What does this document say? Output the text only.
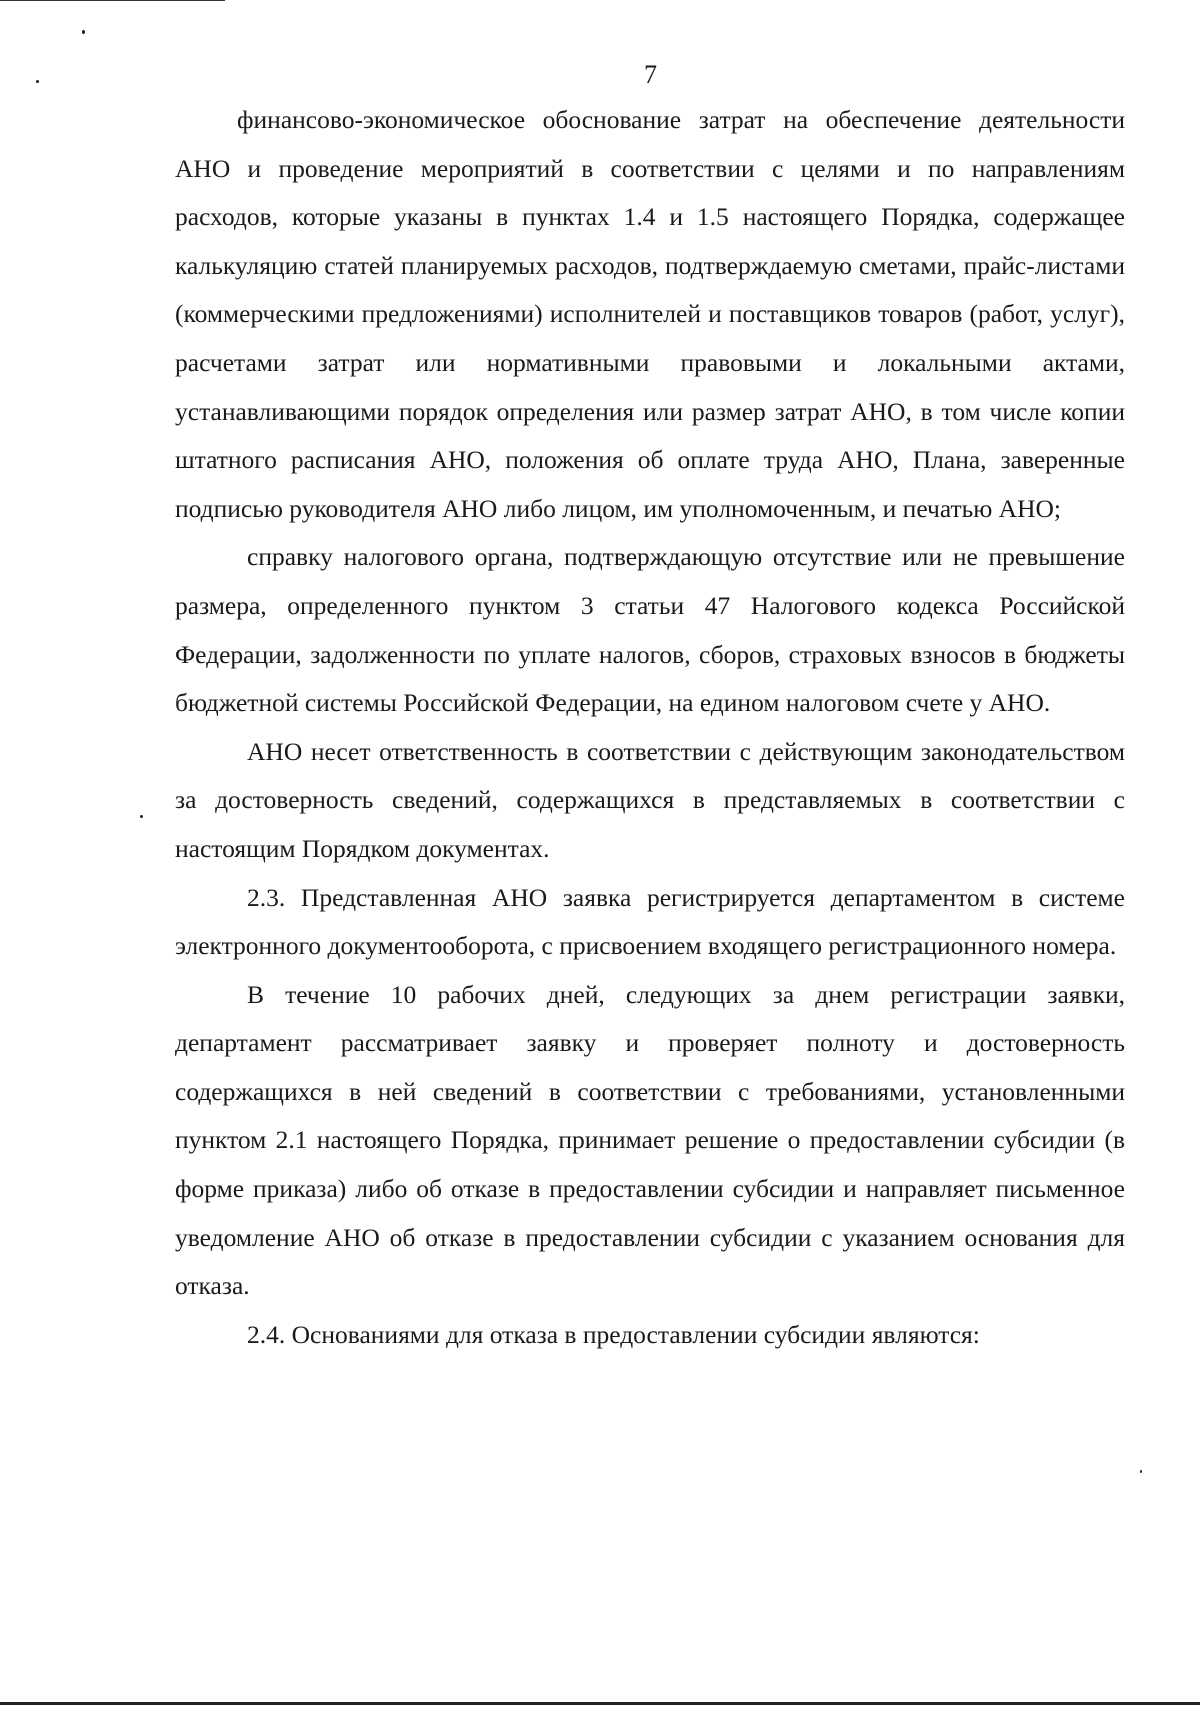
7

финансово-экономическое обоснование затрат на обеспечение деятельности АНО и проведение мероприятий в соответствии с целями и по направлениям расходов, которые указаны в пунктах 1.4 и 1.5 настоящего Порядка, содержащее калькуляцию статей планируемых расходов, подтверждаемую сметами, прайс-листами (коммерческими предложениями) исполнителей и поставщиков товаров (работ, услуг), расчетами затрат или нормативными правовыми и локальными актами, устанавливающими порядок определения или размер затрат АНО, в том числе копии штатного расписания АНО, положения об оплате труда АНО, Плана, заверенные подписью руководителя АНО либо лицом, им уполномоченным, и печатью АНО;

справку налогового органа, подтверждающую отсутствие или не превышение размера, определенного пунктом 3 статьи 47 Налогового кодекса Российской Федерации, задолженности по уплате налогов, сборов, страховых взносов в бюджеты бюджетной системы Российской Федерации, на едином налоговом счете у АНО.

АНО несет ответственность в соответствии с действующим законодательством за достоверность сведений, содержащихся в представляемых в соответствии с настоящим Порядком документах.

2.3. Представленная АНО заявка регистрируется департаментом в системе электронного документооборота, с присвоением входящего регистрационного номера.

В течение 10 рабочих дней, следующих за днем регистрации заявки, департамент рассматривает заявку и проверяет полноту и достоверность содержащихся в ней сведений в соответствии с требованиями, установленными пунктом 2.1 настоящего Порядка, принимает решение о предоставлении субсидии (в форме приказа) либо об отказе в предоставлении субсидии и направляет письменное уведомление АНО об отказе в предоставлении субсидии с указанием основания для отказа.

2.4. Основаниями для отказа в предоставлении субсидии являются:
